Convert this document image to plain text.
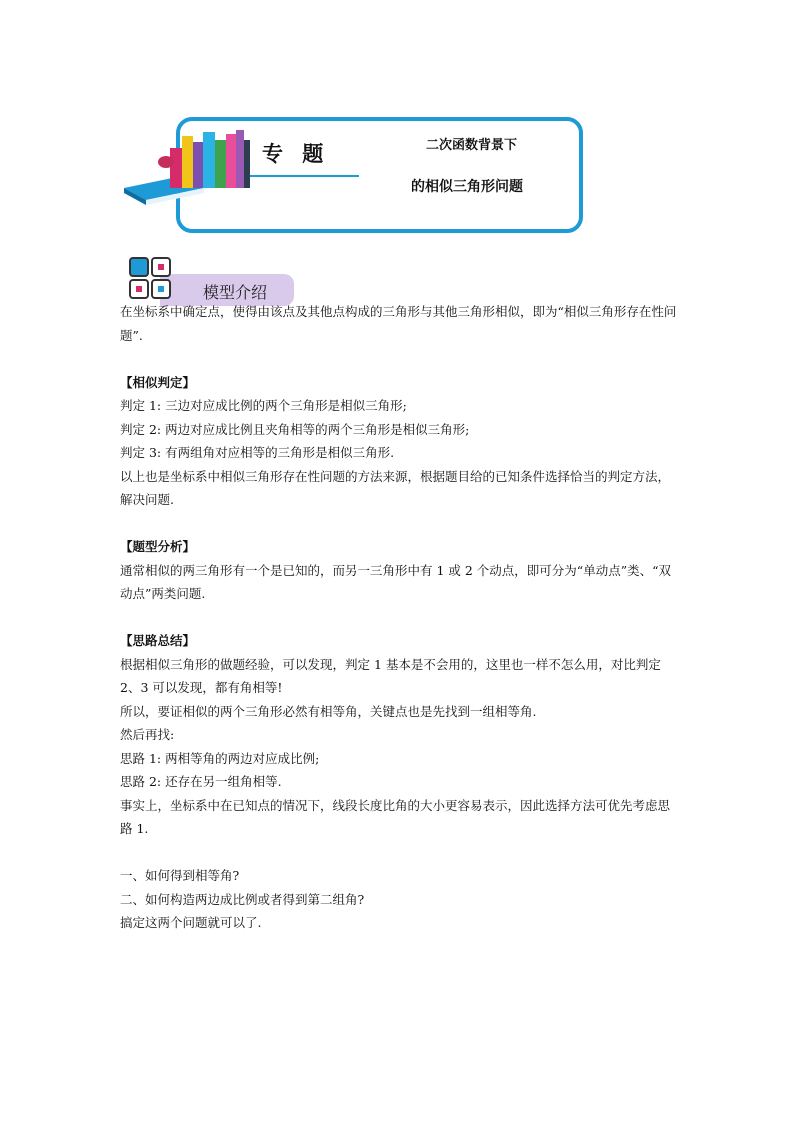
专 题	二次函数背景下
的相似三角形问题
模型介绍

在坐标系中确定点，使得由该点及其他点构成的三角形与其他三角形相似，即为“相似三角形存在性问题”.

【相似判定】

判定 1: 三边对应成比例的两个三角形是相似三角形;

判定 2: 两边对应成比例且夹角相等的两个三角形是相似三角形;

判定 3: 有两组角对应相等的三角形是相似三角形.

以上也是坐标系中相似三角形存在性问题的方法来源，根据题目给的已知条件选择恰当的判定方法，解决问题.

【题型分析】

通常相似的两三角形有一个是已知的，而另一三角形中有 1 或 2 个动点，即可分为“单动点”类、“双动点”两类问题.

【思路总结】

根据相似三角形的做题经验，可以发现，判定 1 基本是不会用的，这里也一样不怎么用，对比判定 2、3 可以发现，都有角相等!

所以，要证相似的两个三角形必然有相等角，关键点也是先找到一组相等角.

然后再找:

思路 1: 两相等角的两边对应成比例;

思路 2: 还存在另一组角相等.

事实上，坐标系中在已知点的情况下，线段长度比角的大小更容易表示，因此选择方法可优先考虑思路 1.

一、如何得到相等角?

二、如何构造两边成比例或者得到第二组角?

搞定这两个问题就可以了.
